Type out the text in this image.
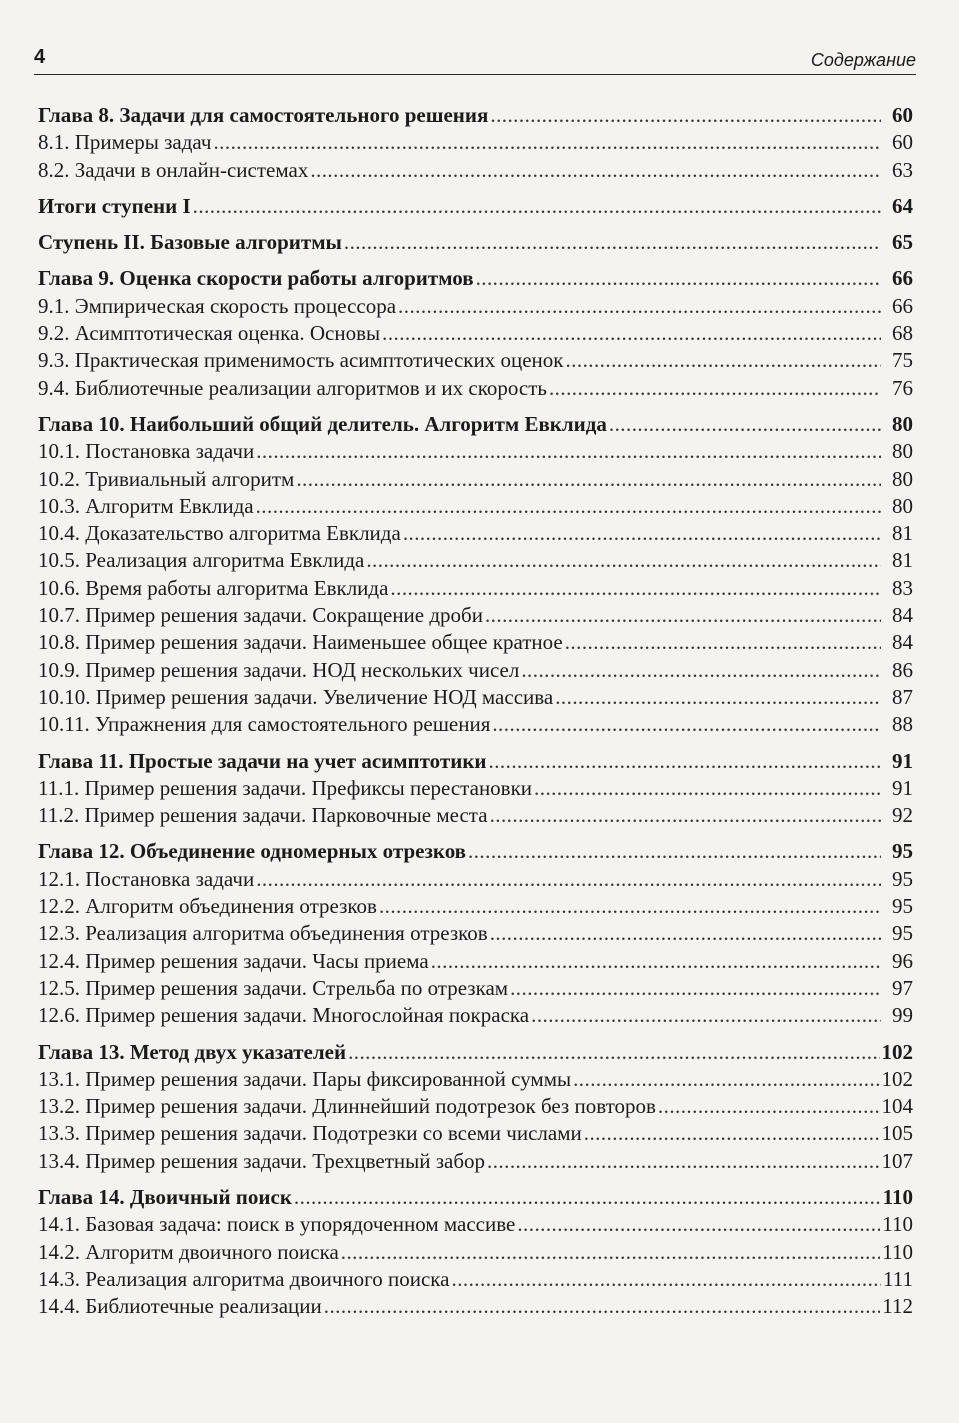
4	Содержание
Глава 8. Задачи для самостоятельного решения . . .	60
8.1. Примеры задач . . .	60
8.2. Задачи в онлайн-системах . . .	63
Итоги ступени I . . .	64
Ступень II. Базовые алгоритмы . . .	65
Глава 9. Оценка скорости работы алгоритмов . . .	66
9.1. Эмпирическая скорость процессора . . .	66
9.2. Асимптотическая оценка. Основы . . .	68
9.3. Практическая применимость асимптотических оценок . . .	75
9.4. Библиотечные реализации алгоритмов и их скорость . . .	76
Глава 10. Наибольший общий делитель. Алгоритм Евклида . . .	80
10.1. Постановка задачи . . .	80
10.2. Тривиальный алгоритм . . .	80
10.3. Алгоритм Евклида . . .	80
10.4. Доказательство алгоритма Евклида . . .	81
10.5. Реализация алгоритма Евклида . . .	81
10.6. Время работы алгоритма Евклида . . .	83
10.7. Пример решения задачи. Сокращение дроби . . .	84
10.8. Пример решения задачи. Наименьшее общее кратное . . .	84
10.9. Пример решения задачи. НОД нескольких чисел . . .	86
10.10. Пример решения задачи. Увеличение НОД массива . . .	87
10.11. Упражнения для самостоятельного решения . . .	88
Глава 11. Простые задачи на учет асимптотики . . .	91
11.1. Пример решения задачи. Префиксы перестановки . . .	91
11.2. Пример решения задачи. Парковочные места . . .	92
Глава 12. Объединение одномерных отрезков . . .	95
12.1. Постановка задачи . . .	95
12.2. Алгоритм объединения отрезков . . .	95
12.3. Реализация алгоритма объединения отрезков . . .	95
12.4. Пример решения задачи. Часы приема . . .	96
12.5. Пример решения задачи. Стрельба по отрезкам . . .	97
12.6. Пример решения задачи. Многослойная покраска . . .	99
Глава 13. Метод двух указателей . . .	102
13.1. Пример решения задачи. Пары фиксированной суммы . . .	102
13.2. Пример решения задачи. Длиннейший подотрезок без повторов . . .	104
13.3. Пример решения задачи. Подотрезки со всеми числами . . .	105
13.4. Пример решения задачи. Трехцветный забор . . .	107
Глава 14. Двоичный поиск . . .	110
14.1. Базовая задача: поиск в упорядоченном массиве . . .	110
14.2. Алгоритм двоичного поиска . . .	110
14.3. Реализация алгоритма двоичного поиска . . .	111
14.4. Библиотечные реализации . . .	112
